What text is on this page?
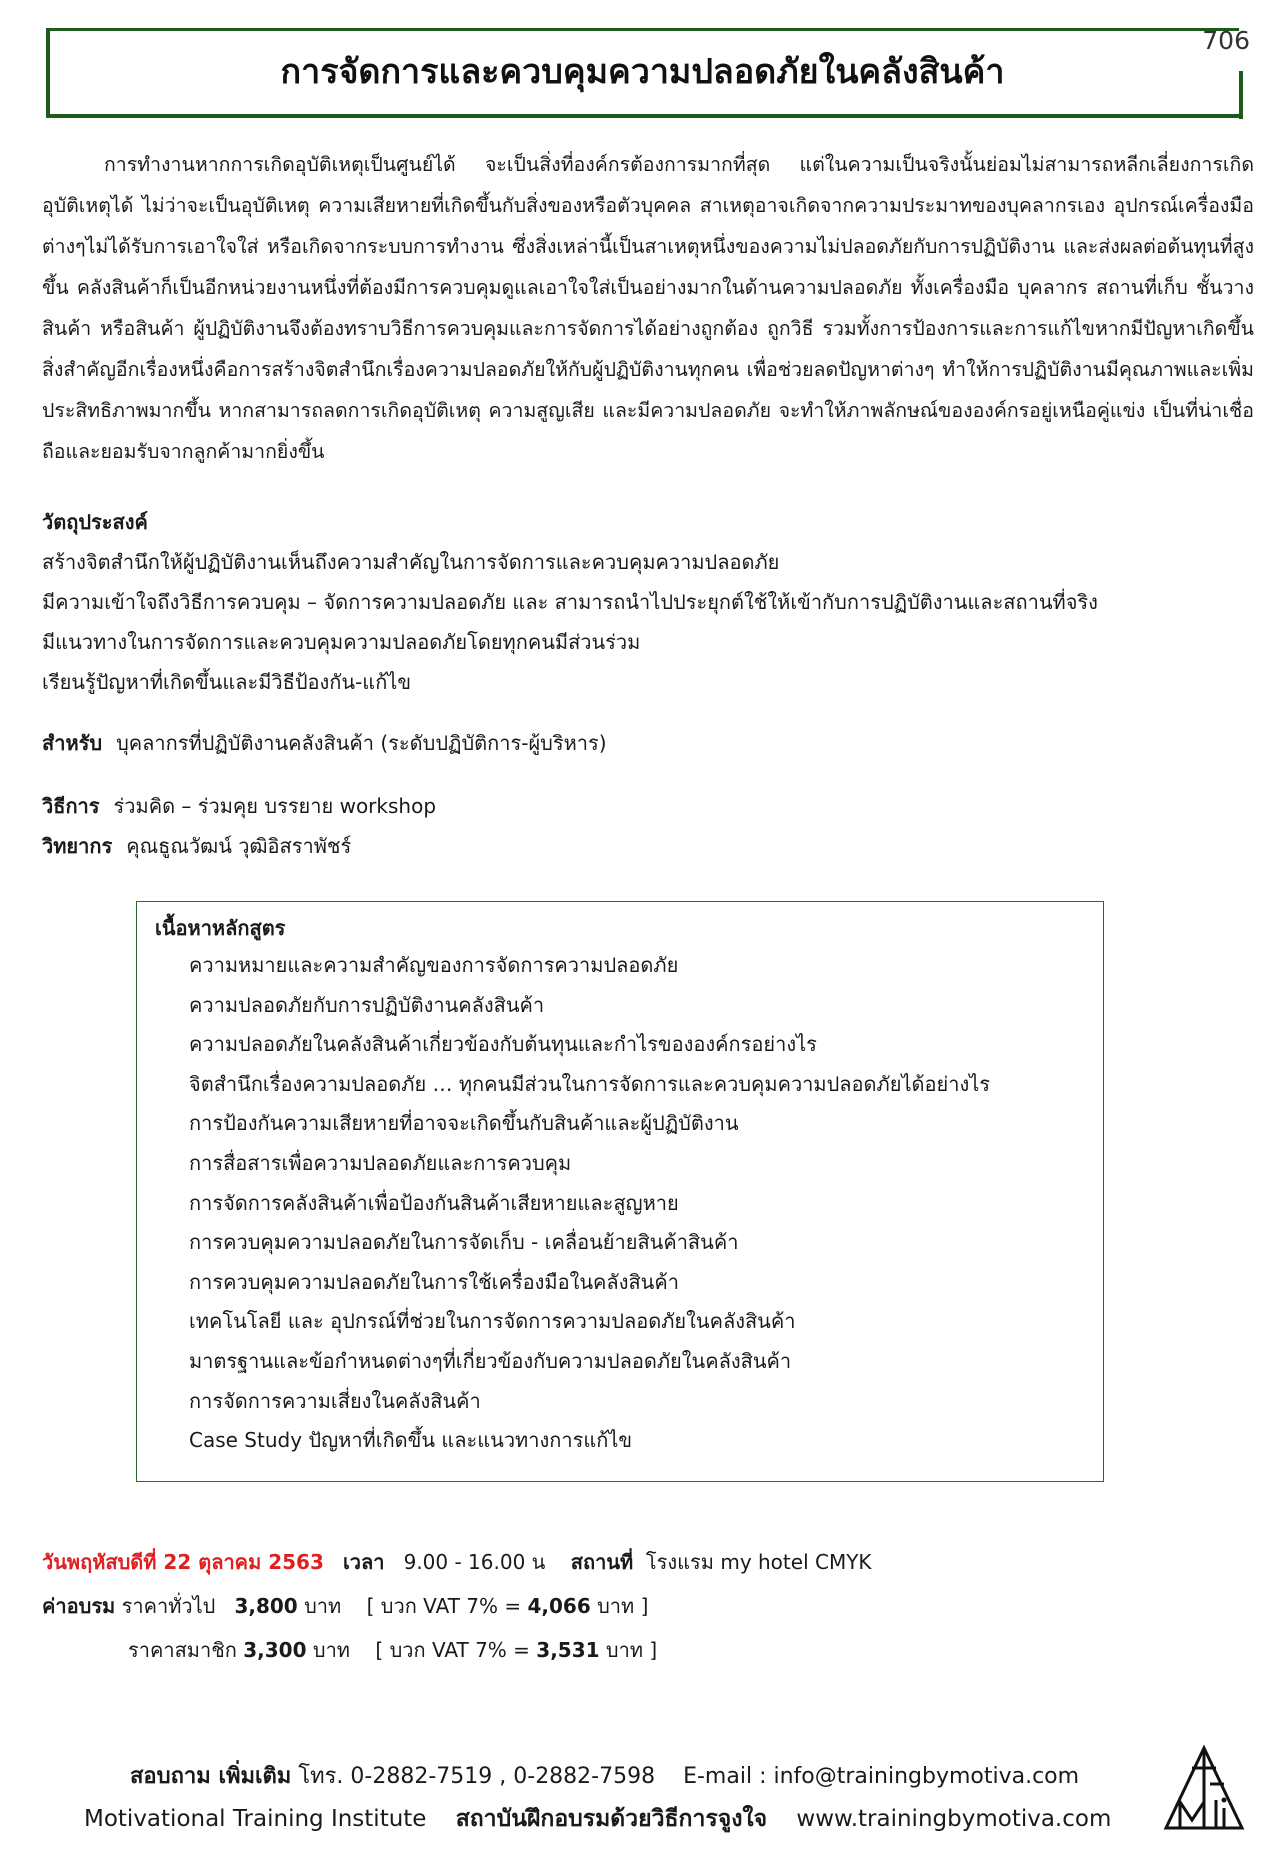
706
การจัดการและควบคุมความปลอดภัยในคลังสินค้า

การทำงานหากการเกิดอุบัติเหตุเป็นศูนย์ได้ จะเป็นสิ่งที่องค์กรต้องการมากที่สุด แต่ในความเป็นจริงนั้นย่อมไม่สามารถหลีกเลี่ยงการเกิดอุบัติเหตุได้ ไม่ว่าจะเป็นอุบัติเหตุ ความเสียหายที่เกิดขึ้นกับสิ่งของหรือตัวบุคคล สาเหตุอาจเกิดจากความประมาทของบุคลากรเอง อุปกรณ์เครื่องมือต่างๆไม่ได้รับการเอาใจใส่ หรือเกิดจากระบบการทำงาน ซึ่งสิ่งเหล่านี้เป็นสาเหตุหนึ่งของความไม่ปลอดภัยกับการปฏิบัติงาน และส่งผลต่อต้นทุนที่สูงขึ้น คลังสินค้าก็เป็นอีกหน่วยงานหนึ่งที่ต้องมีการควบคุมดูแลเอาใจใส่เป็นอย่างมากในด้านความปลอดภัย ทั้งเครื่องมือ บุคลากร สถานที่เก็บ ชั้นวางสินค้า หรือสินค้า ผู้ปฏิบัติงานจึงต้องทราบวิธีการควบคุมและการจัดการได้อย่างถูกต้อง ถูกวิธี รวมทั้งการป้องการและการแก้ไขหากมีปัญหาเกิดขึ้น สิ่งสำคัญอีกเรื่องหนึ่งคือการสร้างจิตสำนึกเรื่องความปลอดภัยให้กับผู้ปฏิบัติงานทุกคน เพื่อช่วยลดปัญหาต่างๆ ทำให้การปฏิบัติงานมีคุณภาพและเพิ่มประสิทธิภาพมากขึ้น หากสามารถลดการเกิดอุบัติเหตุ ความสูญเสีย และมีความปลอดภัย จะทำให้ภาพลักษณ์ขององค์กรอยู่เหนือคู่แข่ง เป็นที่น่าเชื่อถือและยอมรับจากลูกค้ามากยิ่งขึ้น

วัตถุประสงค์
สร้างจิตสำนึกให้ผู้ปฏิบัติงานเห็นถึงความสำคัญในการจัดการและควบคุมความปลอดภัย
มีความเข้าใจถึงวิธีการควบคุม – จัดการความปลอดภัย และ สามารถนำไปประยุกต์ใช้ให้เข้ากับการปฏิบัติงานและสถานที่จริง
มีแนวทางในการจัดการและควบคุมความปลอดภัยโดยทุกคนมีส่วนร่วม
เรียนรู้ปัญหาที่เกิดขึ้นและมีวิธีป้องกัน-แก้ไข
สำหรับ บุคลากรที่ปฏิบัติงานคลังสินค้า (ระดับปฏิบัติการ-ผู้บริหาร)
วิธีการ ร่วมคิด – ร่วมคุย บรรยาย workshop
วิทยากร คุณธูณวัฒน์ วุฒิอิสราพัชร์
เนื้อหาหลักสูตร
ความหมายและความสำคัญของการจัดการความปลอดภัย
ความปลอดภัยกับการปฏิบัติงานคลังสินค้า
ความปลอดภัยในคลังสินค้าเกี่ยวข้องกับต้นทุนและกำไรขององค์กรอย่างไร
จิตสำนึกเรื่องความปลอดภัย … ทุกคนมีส่วนในการจัดการและควบคุมความปลอดภัยได้อย่างไร
การป้องกันความเสียหายที่อาจจะเกิดขึ้นกับสินค้าและผู้ปฏิบัติงาน
การสื่อสารเพื่อความปลอดภัยและการควบคุม
การจัดการคลังสินค้าเพื่อป้องกันสินค้าเสียหายและสูญหาย
การควบคุมความปลอดภัยในการจัดเก็บ - เคลื่อนย้ายสินค้าสินค้า
การควบคุมความปลอดภัยในการใช้เครื่องมือในคลังสินค้า
เทคโนโลยี และ อุปกรณ์ที่ช่วยในการจัดการความปลอดภัยในคลังสินค้า
มาตรฐานและข้อกำหนดต่างๆที่เกี่ยวข้องกับความปลอดภัยในคลังสินค้า
การจัดการความเสี่ยงในคลังสินค้า
Case Study ปัญหาที่เกิดขึ้น และแนวทางการแก้ไข
วันพฤหัสบดีที่ 22 ตุลาคม 2563 เวลา 9.00 - 16.00 น สถานที่ โรงแรม my hotel CMYK
ค่าอบรม ราคาทั่วไป 3,800 บาท [ บวก VAT 7% = 4,066 บาท ]
ราคาสมาชิก 3,300 บาท [ บวก VAT 7% = 3,531 บาท ]
สอบถาม เพิ่มเติม โทร. 0-2882-7519 , 0-2882-7598 E-mail : info@trainingbymotiva.com
Motivational Training Institute สถาบันฝึกอบรมด้วยวิธีการจูงใจ www.trainingbymotiva.com
